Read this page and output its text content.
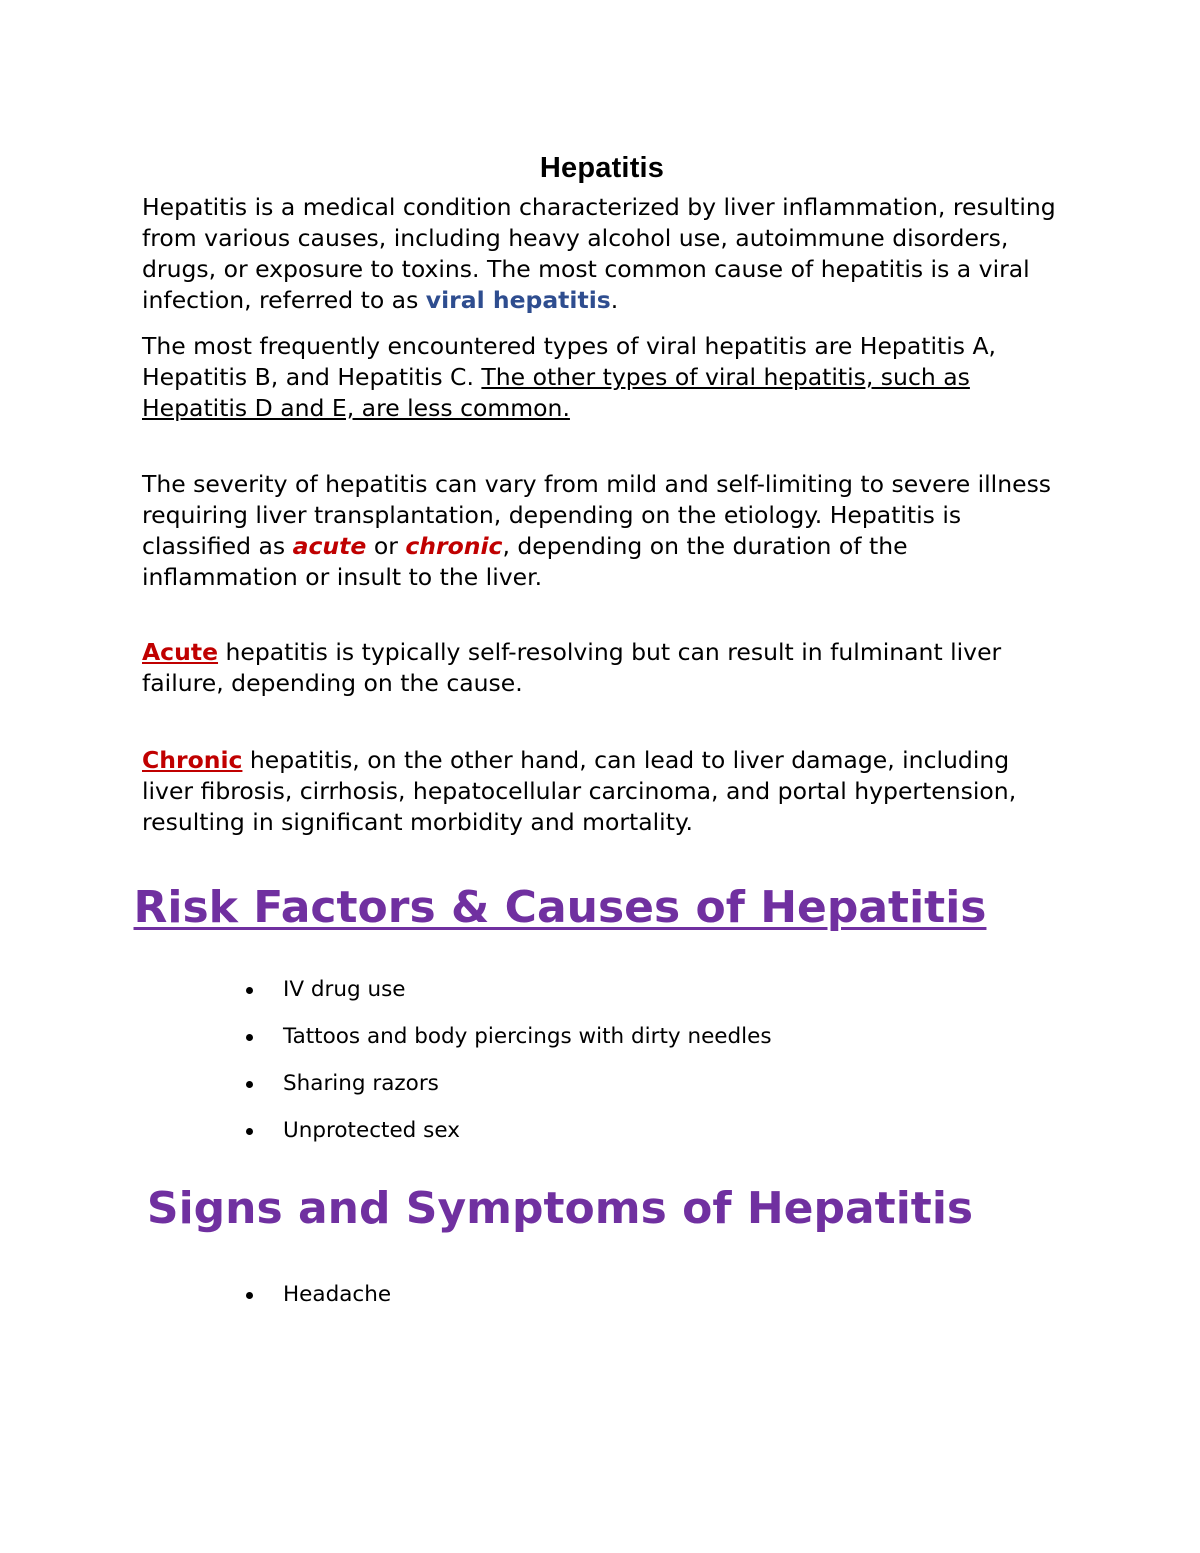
Hepatitis

Hepatitis is a medical condition characterized by liver inflammation, resulting from various causes, including heavy alcohol use, autoimmune disorders, drugs, or exposure to toxins. The most common cause of hepatitis is a viral infection, referred to as viral hepatitis.

The most frequently encountered types of viral hepatitis are Hepatitis A, Hepatitis B, and Hepatitis C. The other types of viral hepatitis, such as Hepatitis D and E, are less common.

The severity of hepatitis can vary from mild and self-limiting to severe illness requiring liver transplantation, depending on the etiology. Hepatitis is classified as acute or chronic, depending on the duration of the inflammation or insult to the liver.

Acute hepatitis is typically self-resolving but can result in fulminant liver failure, depending on the cause.

Chronic hepatitis, on the other hand, can lead to liver damage, including liver fibrosis, cirrhosis, hepatocellular carcinoma, and portal hypertension, resulting in significant morbidity and mortality.

Risk Factors & Causes of Hepatitis
IV drug use
Tattoos and body piercings with dirty needles
Sharing razors
Unprotected sex
Signs and Symptoms of Hepatitis
Headache
